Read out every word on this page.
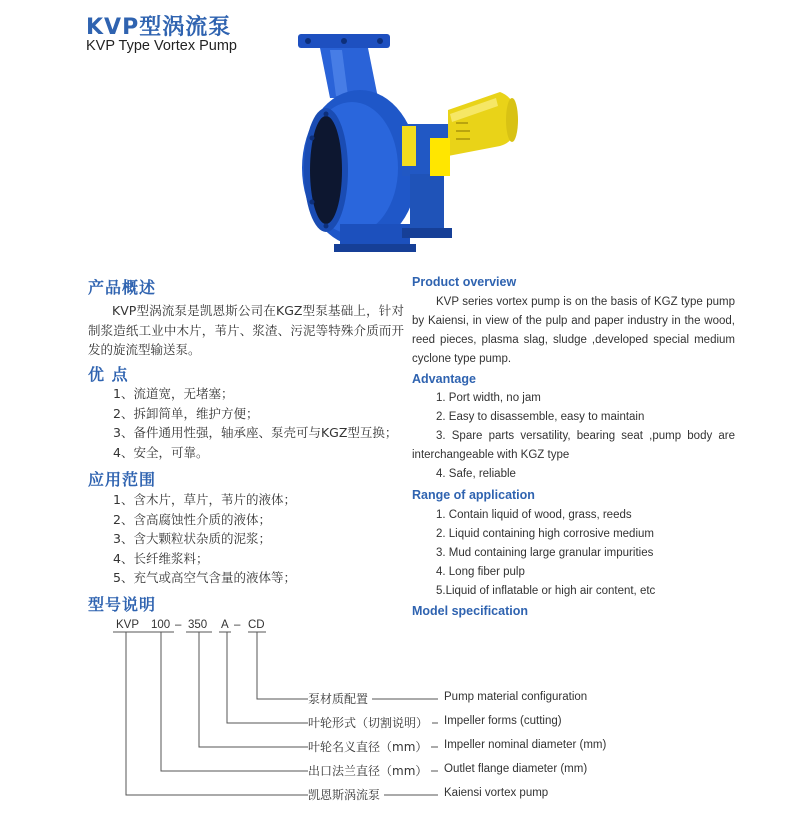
KVP型涡流泵
KVP Type Vortex Pump
产品概述
KVP型涡流泵是凯恩斯公司在KGZ型泵基础上，针对制浆造纸工业中木片，苇片、浆渣、污泥等特殊介质而开发的旋流型输送泵。
优 点
1、流道宽，无堵塞；
2、拆卸简单，维护方便；
3、备件通用性强，轴承座、泵壳可与KGZ型互换；
4、安全，可靠。
应用范围
1、含木片，草片，苇片的液体；
2、含高腐蚀性介质的液体；
3、含大颗粒状杂质的泥浆；
4、长纤维浆料；
5、充气或高空气含量的液体等；
型号说明
Product overview
KVP series vortex pump is on the basis of KGZ type pump by Kaiensi, in view of the pulp and paper industry in the wood, reed pieces, plasma slag, sludge ,developed special medium cyclone type pump.
Advantage
1. Port width, no jam
2. Easy to disassemble, easy to maintain
3. Spare parts versatility, bearing seat ,pump body are interchangeable with KGZ type
4. Safe, reliable
Range of application
1. Contain liquid of wood, grass, reeds
2. Liquid containing high corrosive medium
3. Mud containing large granular impurities
4. Long fiber pulp
5.Liquid of inflatable or high air content, etc
Model specification
KVP 100 – 350 A – CD
泵材质配置	Pump material configuration
叶轮形式（切割说明）	Impeller forms (cutting)
叶轮名义直径（mm）	Impeller nominal diameter (mm)
出口法兰直径（mm）	Outlet flange diameter (mm)
凯恩斯涡流泵	Kaiensi vortex pump
